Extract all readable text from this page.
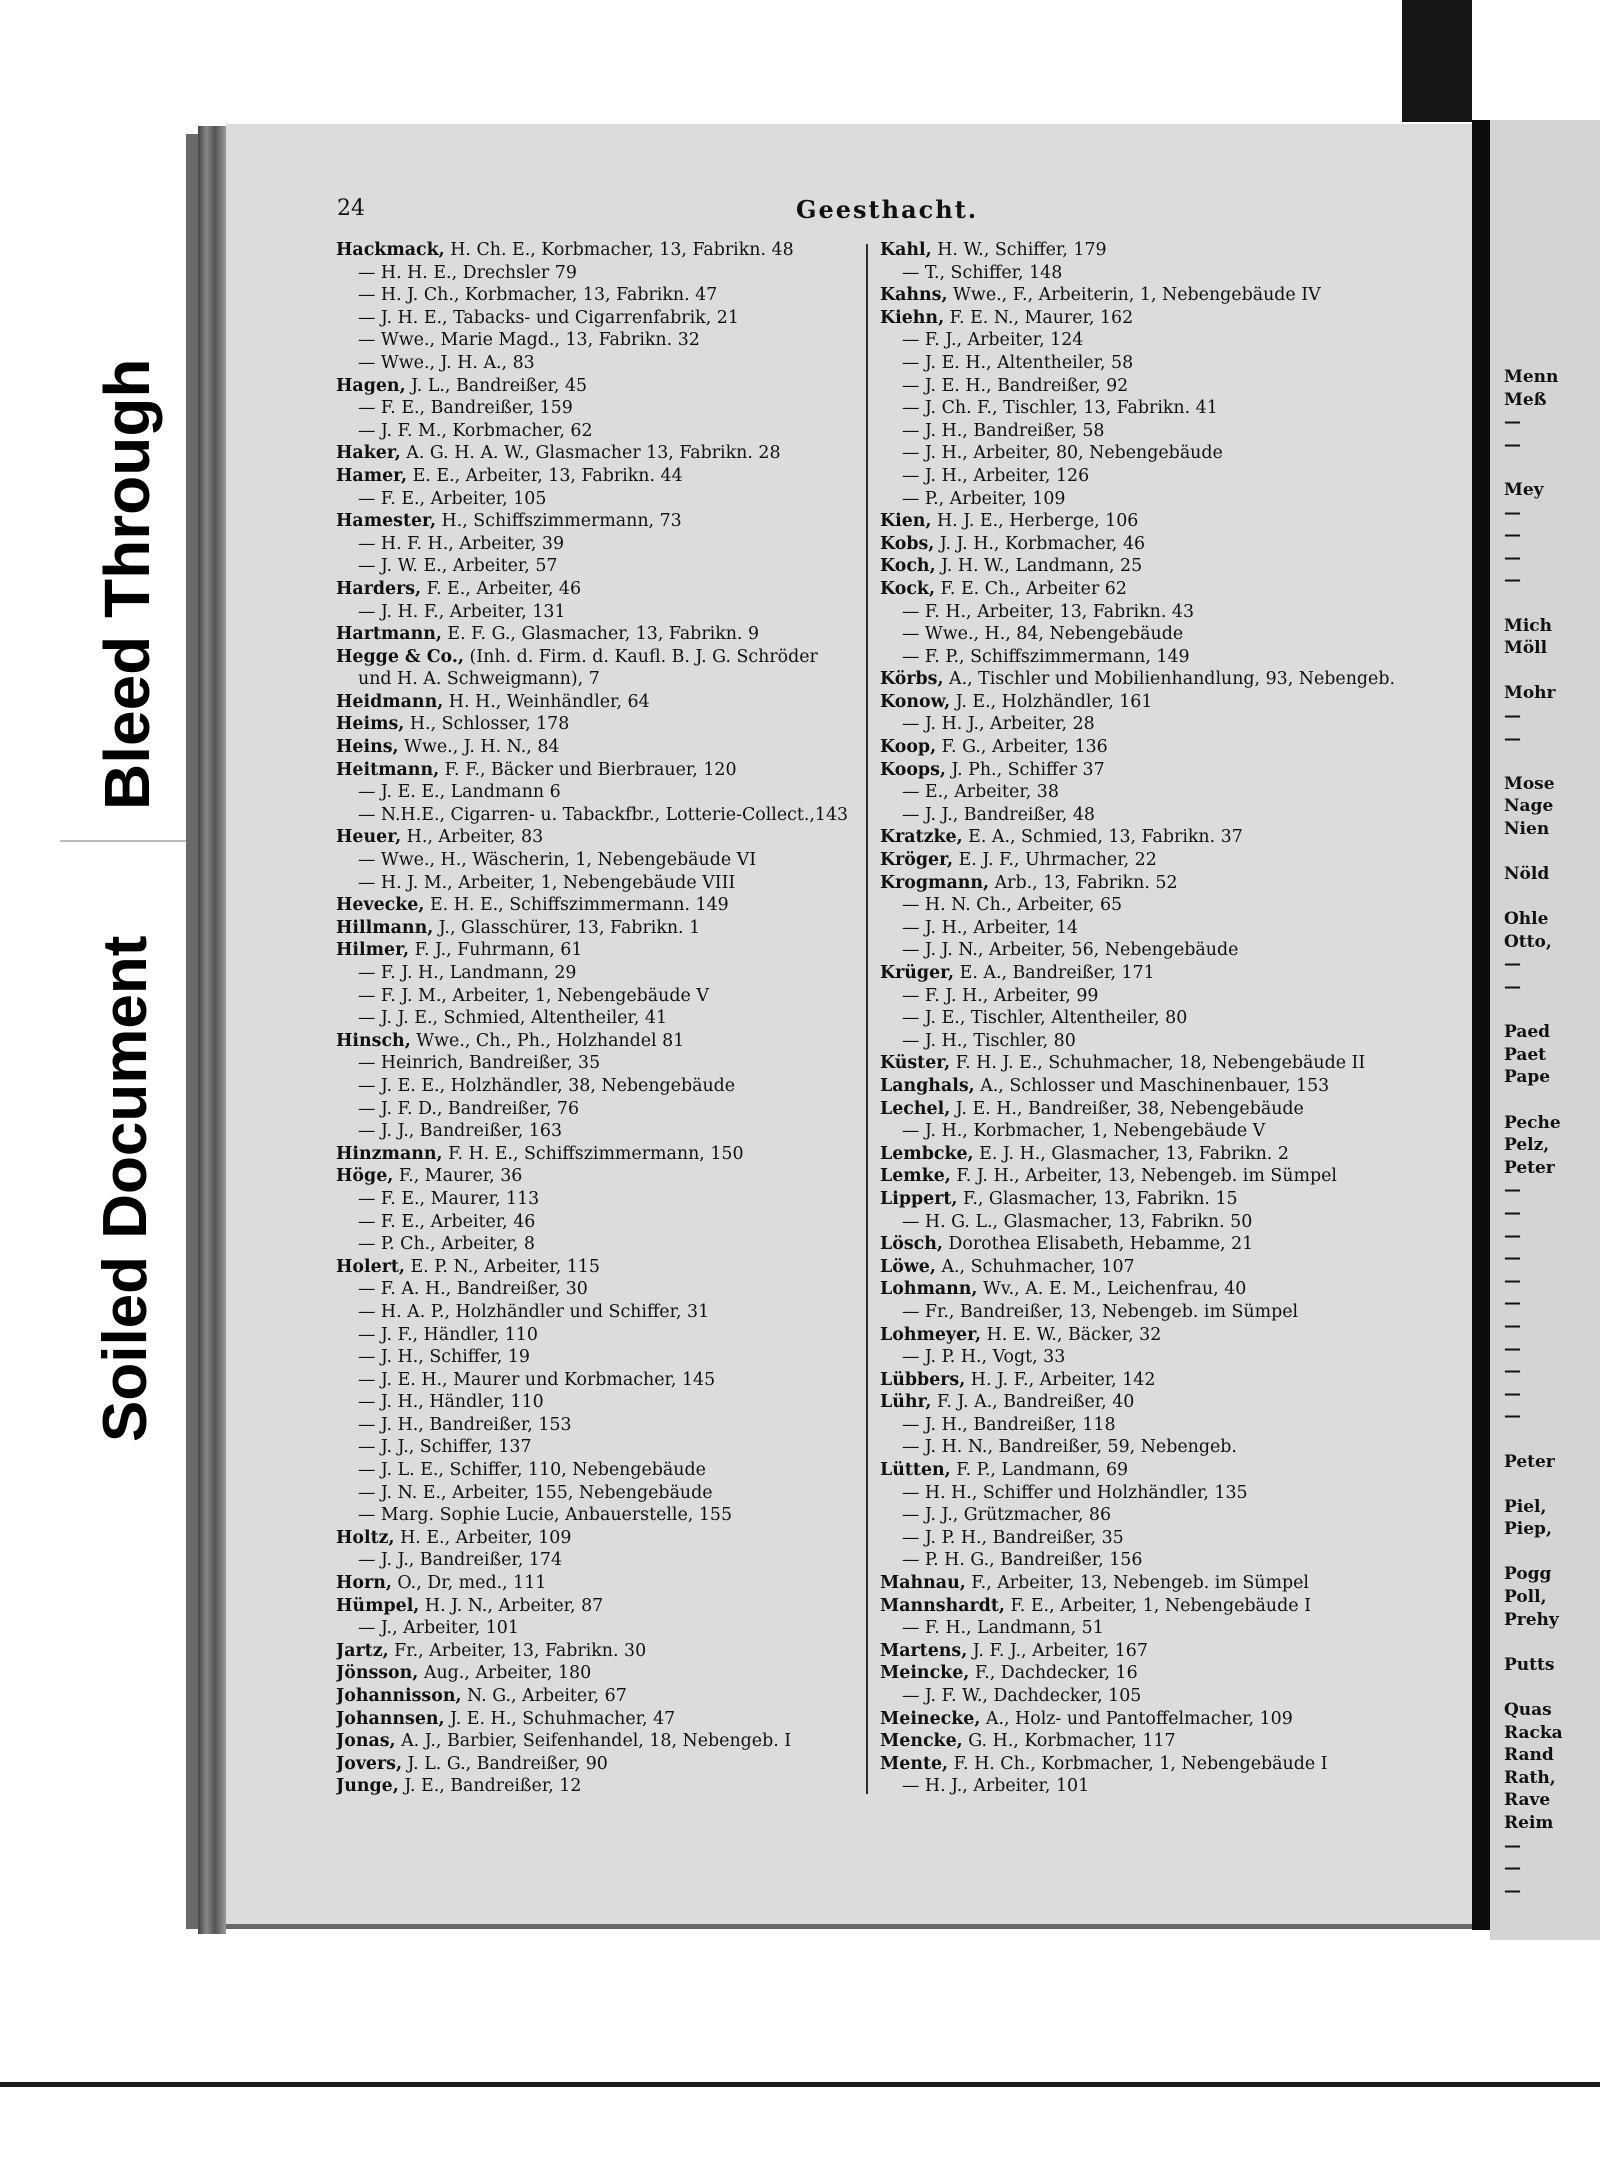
Bleed Through
Soiled Document
24	Geesthacht.
Hackmack, H. Ch. E., Korbmacher, 13, Fabrikn. 48
— H. H. E., Drechsler 79
— H. J. Ch., Korbmacher, 13, Fabrikn. 47
— J. H. E., Tabacks- und Cigarrenfabrik, 21
— Wwe., Marie Magd., 13, Fabrikn. 32
— Wwe., J. H. A., 83
Hagen, J. L., Bandreißer, 45
— F. E., Bandreißer, 159
— J. F. M., Korbmacher, 62
Haker, A. G. H. A. W., Glasmacher 13, Fabrikn. 28
Hamer, E. E., Arbeiter, 13, Fabrikn. 44
— F. E., Arbeiter, 105
Hamester, H., Schiffszimmermann, 73
— H. F. H., Arbeiter, 39
— J. W. E., Arbeiter, 57
Harders, F. E., Arbeiter, 46
— J. H. F., Arbeiter, 131
Hartmann, E. F. G., Glasmacher, 13, Fabrikn. 9
Hegge & Co., (Inh. d. Firm. d. Kaufl. B. J. G. Schröder
und H. A. Schweigmann), 7
Heidmann, H. H., Weinhändler, 64
Heims, H., Schlosser, 178
Heins, Wwe., J. H. N., 84
Heitmann, F. F., Bäcker und Bierbrauer, 120
— J. E. E., Landmann 6
— N.H.E., Cigarren- u. Tabackfbr., Lotterie-Collect.,143
Heuer, H., Arbeiter, 83
— Wwe., H., Wäscherin, 1, Nebengebäude VI
— H. J. M., Arbeiter, 1, Nebengebäude VIII
Hevecke, E. H. E., Schiffszimmermann. 149
Hillmann, J., Glasschürer, 13, Fabrikn. 1
Hilmer, F. J., Fuhrmann, 61
— F. J. H., Landmann, 29
— F. J. M., Arbeiter, 1, Nebengebäude V
— J. J. E., Schmied, Altentheiler, 41
Hinsch, Wwe., Ch., Ph., Holzhandel 81
— Heinrich, Bandreißer, 35
— J. E. E., Holzhändler, 38, Nebengebäude
— J. F. D., Bandreißer, 76
— J. J., Bandreißer, 163
Hinzmann, F. H. E., Schiffszimmermann, 150
Höge, F., Maurer, 36
— F. E., Maurer, 113
— F. E., Arbeiter, 46
— P. Ch., Arbeiter, 8
Holert, E. P. N., Arbeiter, 115
— F. A. H., Bandreißer, 30
— H. A. P., Holzhändler und Schiffer, 31
— J. F., Händler, 110
— J. H., Schiffer, 19
— J. E. H., Maurer und Korbmacher, 145
— J. H., Händler, 110
— J. H., Bandreißer, 153
— J. J., Schiffer, 137
— J. L. E., Schiffer, 110, Nebengebäude
— J. N. E., Arbeiter, 155, Nebengebäude
— Marg. Sophie Lucie, Anbauerstelle, 155
Holtz, H. E., Arbeiter, 109
— J. J., Bandreißer, 174
Horn, O., Dr, med., 111
Hümpel, H. J. N., Arbeiter, 87
— J., Arbeiter, 101
Jartz, Fr., Arbeiter, 13, Fabrikn. 30
Jönsson, Aug., Arbeiter, 180
Johannisson, N. G., Arbeiter, 67
Johannsen, J. E. H., Schuhmacher, 47
Jonas, A. J., Barbier, Seifenhandel, 18, Nebengeb. I
Jovers, J. L. G., Bandreißer, 90
Junge, J. E., Bandreißer, 12
Kahl, H. W., Schiffer, 179
— T., Schiffer, 148
Kahns, Wwe., F., Arbeiterin, 1, Nebengebäude IV
Kiehn, F. E. N., Maurer, 162
— F. J., Arbeiter, 124
— J. E. H., Altentheiler, 58
— J. E. H., Bandreißer, 92
— J. Ch. F., Tischler, 13, Fabrikn. 41
— J. H., Bandreißer, 58
— J. H., Arbeiter, 80, Nebengebäude
— J. H., Arbeiter, 126
— P., Arbeiter, 109
Kien, H. J. E., Herberge, 106
Kobs, J. J. H., Korbmacher, 46
Koch, J. H. W., Landmann, 25
Kock, F. E. Ch., Arbeiter 62
— F. H., Arbeiter, 13, Fabrikn. 43
— Wwe., H., 84, Nebengebäude
— F. P., Schiffszimmermann, 149
Körbs, A., Tischler und Mobilienhandlung, 93, Nebengeb.
Konow, J. E., Holzhändler, 161
— J. H. J., Arbeiter, 28
Koop, F. G., Arbeiter, 136
Koops, J. Ph., Schiffer 37
— E., Arbeiter, 38
— J. J., Bandreißer, 48
Kratzke, E. A., Schmied, 13, Fabrikn. 37
Kröger, E. J. F., Uhrmacher, 22
Krogmann, Arb., 13, Fabrikn. 52
— H. N. Ch., Arbeiter, 65
— J. H., Arbeiter, 14
— J. J. N., Arbeiter, 56, Nebengebäude
Krüger, E. A., Bandreißer, 171
— F. J. H., Arbeiter, 99
— J. E., Tischler, Altentheiler, 80
— J. H., Tischler, 80
Küster, F. H. J. E., Schuhmacher, 18, Nebengebäude II
Langhals, A., Schlosser und Maschinenbauer, 153
Lechel, J. E. H., Bandreißer, 38, Nebengebäude
— J. H., Korbmacher, 1, Nebengebäude V
Lembcke, E. J. H., Glasmacher, 13, Fabrikn. 2
Lemke, F. J. H., Arbeiter, 13, Nebengeb. im Sümpel
Lippert, F., Glasmacher, 13, Fabrikn. 15
— H. G. L., Glasmacher, 13, Fabrikn. 50
Lösch, Dorothea Elisabeth, Hebamme, 21
Löwe, A., Schuhmacher, 107
Lohmann, Wv., A. E. M., Leichenfrau, 40
— Fr., Bandreißer, 13, Nebengeb. im Sümpel
Lohmeyer, H. E. W., Bäcker, 32
— J. P. H., Vogt, 33
Lübbers, H. J. F., Arbeiter, 142
Lühr, F. J. A., Bandreißer, 40
— J. H., Bandreißer, 118
— J. H. N., Bandreißer, 59, Nebengeb.
Lütten, F. P., Landmann, 69
— H. H., Schiffer und Holzhändler, 135
— J. J., Grützmacher, 86
— J. P. H., Bandreißer, 35
— P. H. G., Bandreißer, 156
Mahnau, F., Arbeiter, 13, Nebengeb. im Sümpel
Mannshardt, F. E., Arbeiter, 1, Nebengebäude I
— F. H., Landmann, 51
Martens, J. F. J., Arbeiter, 167
Meincke, F., Dachdecker, 16
— J. F. W., Dachdecker, 105
Meinecke, A., Holz- und Pantoffelmacher, 109
Mencke, G. H., Korbmacher, 117
Mente, F. H. Ch., Korbmacher, 1, Nebengebäude I
— H. J., Arbeiter, 101
Menn
Meß
—
—
Mey
—
—
—
—
Mich
Möll
Mohr
—
—
Mose
Nage
Nien
Nöld
Ohle
Otto,
—
—
Paed
Paet
Pape
Peche
Pelz,
Peter
—
—
—
—
—
—
—
—
—
—
—
Peter
Piel,
Piep,
Pogg
Poll,
Prehy
Putts
Quas
Racka
Rand
Rath,
Rave
Reim
—
—
—
